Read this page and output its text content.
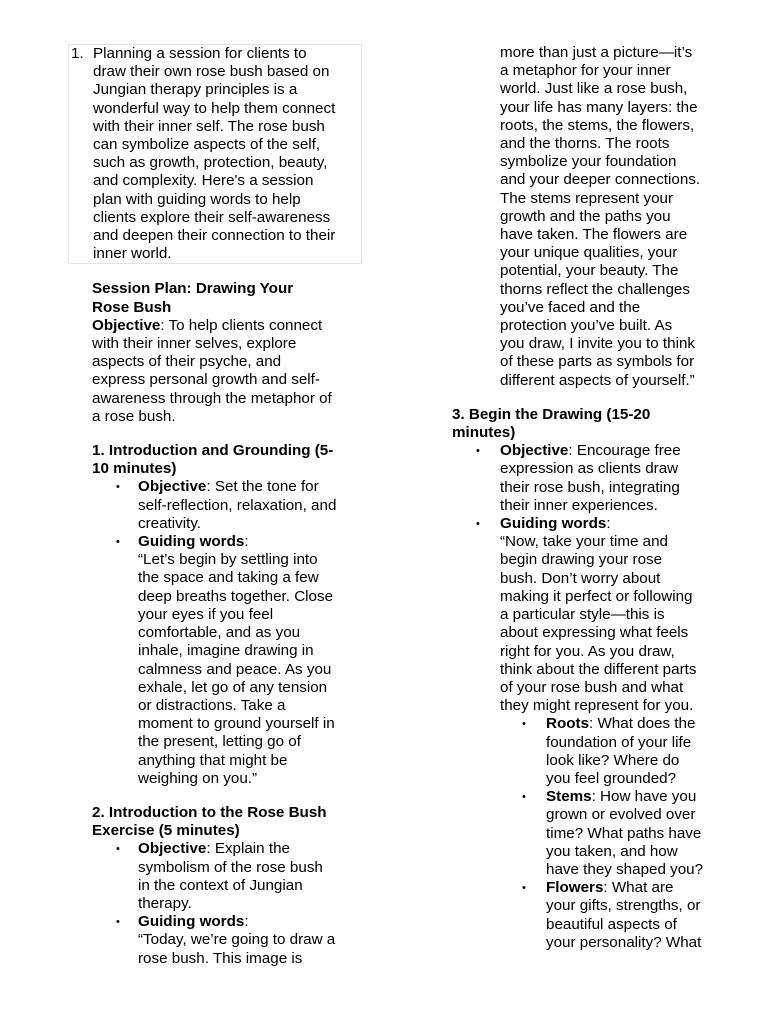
1. Planning a session for clients to
draw their own rose bush based on
Jungian therapy principles is a
wonderful way to help them connect
with their inner self. The rose bush
can symbolize aspects of the self,
such as growth, protection, beauty,
and complexity. Here's a session
plan with guiding words to help
clients explore their self-awareness
and deepen their connection to their
inner world.
Session Plan: Drawing Your
Rose Bush
Objective: To help clients connect
with their inner selves, explore
aspects of their psyche, and
express personal growth and self-
awareness through the metaphor of
a rose bush.
1. Introduction and Grounding (5-
10 minutes)
• Objective: Set the tone for
self-reflection, relaxation, and
creativity.
• Guiding words:
“Let’s begin by settling into
the space and taking a few
deep breaths together. Close
your eyes if you feel
comfortable, and as you
inhale, imagine drawing in
calmness and peace. As you
exhale, let go of any tension
or distractions. Take a
moment to ground yourself in
the present, letting go of
anything that might be
weighing on you.”
2. Introduction to the Rose Bush
Exercise (5 minutes)
• Objective: Explain the
symbolism of the rose bush
in the context of Jungian
therapy.
• Guiding words:
“Today, we’re going to draw a
rose bush. This image is
more than just a picture—it’s
a metaphor for your inner
world. Just like a rose bush,
your life has many layers: the
roots, the stems, the flowers,
and the thorns. The roots
symbolize your foundation
and your deeper connections.
The stems represent your
growth and the paths you
have taken. The flowers are
your unique qualities, your
potential, your beauty. The
thorns reflect the challenges
you’ve faced and the
protection you’ve built. As
you draw, I invite you to think
of these parts as symbols for
different aspects of yourself.”
3. Begin the Drawing (15-20
minutes)
• Objective: Encourage free
expression as clients draw
their rose bush, integrating
their inner experiences.
• Guiding words:
“Now, take your time and
begin drawing your rose
bush. Don’t worry about
making it perfect or following
a particular style—this is
about expressing what feels
right for you. As you draw,
think about the different parts
of your rose bush and what
they might represent for you.
• Roots: What does the
foundation of your life
look like? Where do
you feel grounded?
• Stems: How have you
grown or evolved over
time? What paths have
you taken, and how
have they shaped you?
• Flowers: What are
your gifts, strengths, or
beautiful aspects of
your personality? What
